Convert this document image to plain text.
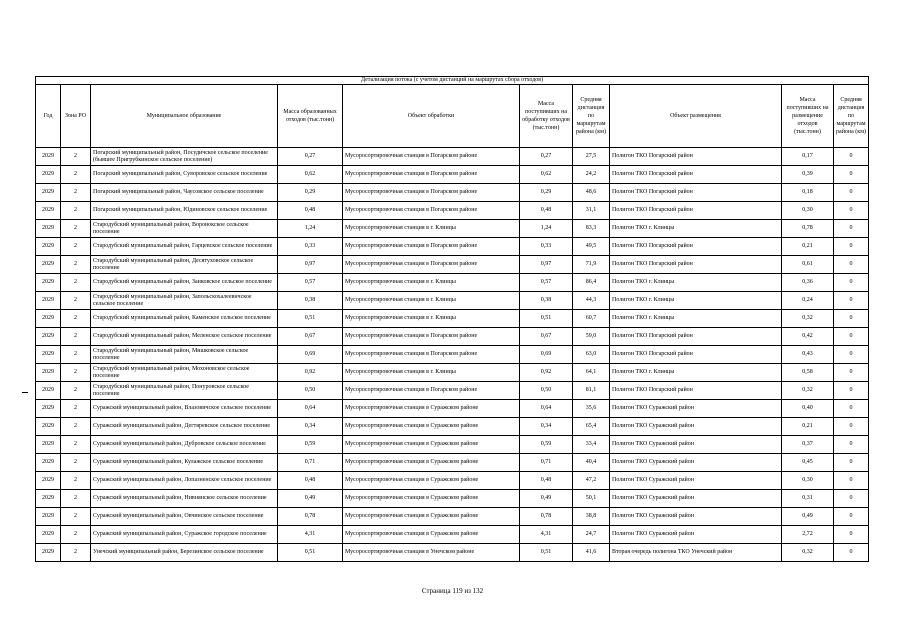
Детализация потока (с учетом дистанций на маршрутах сбора отходов)									
Год	Зона РО	Муниципальное образование	Масса образованных отходов (тыс.тонн)	Объект обработки	Масса поступивших на обработку отходов (тыс.тонн)	Средняя дистанция по маршрутам района (км)	Объект размещения	Масса поступивших на размещение отходов (тыс.тонн)	Средняя дистанция по маршрутам района (км)
2029	2	Погарский муниципальный район, Посудичское сельское поселение (бывшее Пригрубкинское сельское поселение)	0,27	Мусоросортировочная станция в Погарском районе	0,27	27,5	Полигон ТКО Погарский район	0,17	0
2029	2	Погарский муниципальный район, Суворовское сельское поселение	0,62	Мусоросортировочная станция в Погарском районе	0,62	24,2	Полигон ТКО Погарский район	0,39	0
2029	2	Погарский муниципальный район, Чаусовское сельское поселение	0,29	Мусоросортировочная станция в Погарском районе	0,29	48,6	Полигон ТКО Погарский район	0,18	0
2029	2	Погарский муниципальный район, Юдиновское сельское поселение	0,48	Мусоросортировочная станция в Погарском районе	0,48	31,1	Полигон ТКО Погарский район	0,30	0
2029	2	Стародубский муниципальный район, Воронокское сельское поселение	1,24	Мусоросортировочная станция в г. Клинцы	1,24	83,3	Полигон ТКО г. Клинцы	0,78	0
2029	2	Стародубский муниципальный район, Гарцевское сельское поселение	0,33	Мусоросортировочная станция в Погарском районе	0,33	49,5	Полигон ТКО Погарский район	0,21	0
2029	2	Стародубский муниципальный район, Десятуховское сельское поселение	0,97	Мусоросортировочная станция в Погарском районе	0,97	71,9	Полигон ТКО Погарский район	0,61	0
2029	2	Стародубский муниципальный район, Занковское сельское поселение	0,57	Мусоросортировочная станция в г. Клинцы	0,57	86,4	Полигон ТКО г. Клинцы	0,36	0
2029	2	Стародубский муниципальный район, Запольскохалеевичское сельское поселение	0,38	Мусоросортировочная станция в г. Клинцы	0,38	44,3	Полигон ТКО г. Клинцы	0,24	0
2029	2	Стародубский муниципальный район, Каменское сельское поселение	0,51	Мусоросортировочная станция в г. Клинцы	0,51	60,7	Полигон ТКО г. Клинцы	0,32	0
2029	2	Стародубский муниципальный район, Меленское сельское поселение	0,67	Мусоросортировочная станция в Погарском районе	0,67	59,0	Полигон ТКО Погарский район	0,42	0
2029	2	Стародубский муниципальный район, Мишковское сельское поселение	0,69	Мусоросортировочная станция в Погарском районе	0,69	63,0	Полигон ТКО Погарский район	0,43	0
2029	2	Стародубский муниципальный район, Мохоновское сельское поселение	0,92	Мусоросортировочная станция в г. Клинцы	0,92	64,1	Полигон ТКО г. Клинцы	0,58	0
2029	2	Стародубский муниципальный район, Понуровское сельское поселение	0,50	Мусоросортировочная станция в Погарском районе	0,50	81,1	Полигон ТКО Погарский район	0,32	0
2029	2	Суражский муниципальный район, Влазовичское сельское поселение	0,64	Мусоросортировочная станция в Суражском районе	0,64	35,6	Полигон ТКО Суражский район	0,40	0
2029	2	Суражский муниципальный район, Дегтяревское сельское поселение	0,34	Мусоросортировочная станция в Суражском районе	0,34	65,4	Полигон ТКО Суражский район	0,21	0
2029	2	Суражский муниципальный район, Дубровское сельское поселение	0,59	Мусоросортировочная станция в Суражском районе	0,59	33,4	Полигон ТКО Суражский район	0,37	0
2029	2	Суражский муниципальный район, Кулажское сельское поселение	0,71	Мусоросортировочная станция в Суражском районе	0,71	40,4	Полигон ТКО Суражский район	0,45	0
2029	2	Суражский муниципальный район, Лопазненское сельское поселение	0,48	Мусоросортировочная станция в Суражском районе	0,48	47,2	Полигон ТКО Суражский район	0,30	0
2029	2	Суражский муниципальный район, Нивнянское сельское поселение	0,49	Мусоросортировочная станция в Суражском районе	0,49	50,1	Полигон ТКО Суражский район	0,31	0
2029	2	Суражский муниципальный район, Овчинское сельское поселение	0,78	Мусоросортировочная станция в Суражском районе	0,78	38,8	Полигон ТКО Суражский район	0,49	0
2029	2	Суражский муниципальный район, Суражское городское поселение	4,31	Мусоросортировочная станция в Суражском районе	4,31	24,7	Полигон ТКО Суражский район	2,72	0
2029	2	Унечский муниципальный район, Березинское сельское поселение	0,51	Мусоросортировочная станция в Унечском районе	0,51	41,6	Вторая очередь полигона ТКО Унечский район	0,32	0
Страница 119 из 132
